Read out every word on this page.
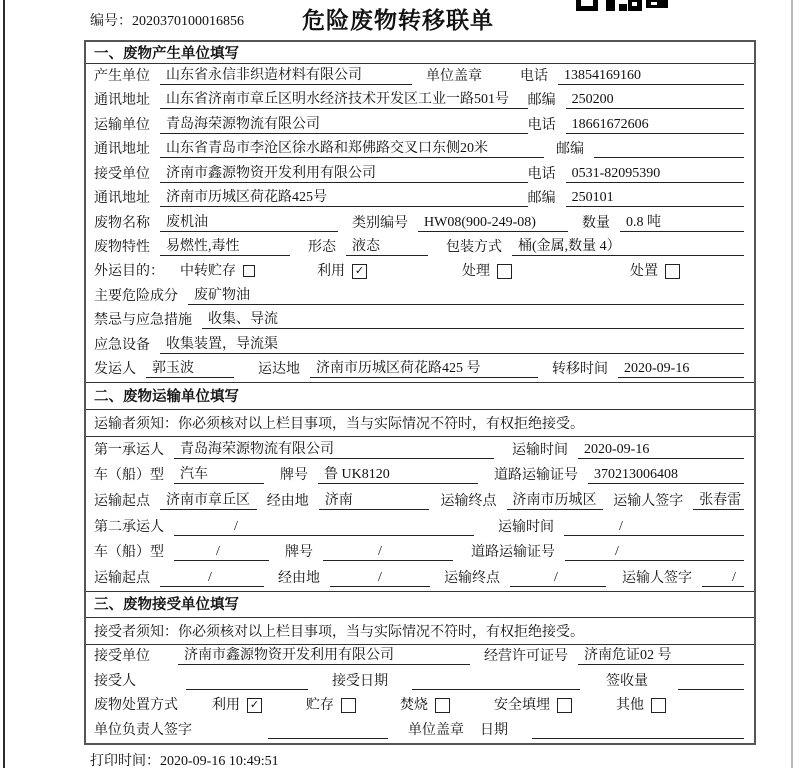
编号：2020370100016856	危险废物转移联单
一、废物产生单位填写
产生单位	山东省永信非织造材料有限公司	单位盖章	电话	13854169160
通讯地址	山东省济南市章丘区明水经济技术开发区工业一路501号	邮编	250200
运输单位	青岛海荣源物流有限公司	电话	18661672606
通讯地址	山东省青岛市李沧区徐水路和郑佛路交叉口东侧20米	邮编
接受单位	济南市鑫源物资开发利用有限公司	电话	0531-82095390
通讯地址	济南市历城区荷花路425号	邮编	250101
废物名称	废机油	类别编号	HW08(900-249-08)	数量	0.8 吨
废物特性	易燃性,毒性	形态	液态	包装方式	桶(金属,数量 4）
外运目的： 中转贮存	利用 ✓	处理	处置
主要危险成分	废矿物油
禁忌与应急措施	收集、导流
应急设备	收集装置，导流渠
发运人	郭玉波	运达地	济南市历城区荷花路425 号	转移时间	2020-09-16
二、废物运输单位填写
运输者须知：你必须核对以上栏目事项，当与实际情况不符时，有权拒绝接受。
第一承运人	青岛海荣源物流有限公司	运输时间	2020-09-16
车（船）型	汽车	牌号	鲁 UK8120	道路运输证号	370213006408
运输起点	济南市章丘区	经由地	济南	运输终点	济南市历城区	运输人签字	张春雷
第二承运人	/	运输时间	/
车（船）型	/	牌号	/	道路运输证号	/
运输起点	/	经由地	/	运输终点	/	运输人签字	/
三、废物接受单位填写
接受者须知：你必须核对以上栏目事项，当与实际情况不符时，有权拒绝接受。
接受单位	济南市鑫源物资开发利用有限公司	经营许可证号	济南危证02 号
接受人	接受日期	签收量
废物处置方式 利用 ✓	贮存	焚烧	安全填埋	其他
单位负责人签字	单位盖章 日期
打印时间：2020-09-16 10:49:51
